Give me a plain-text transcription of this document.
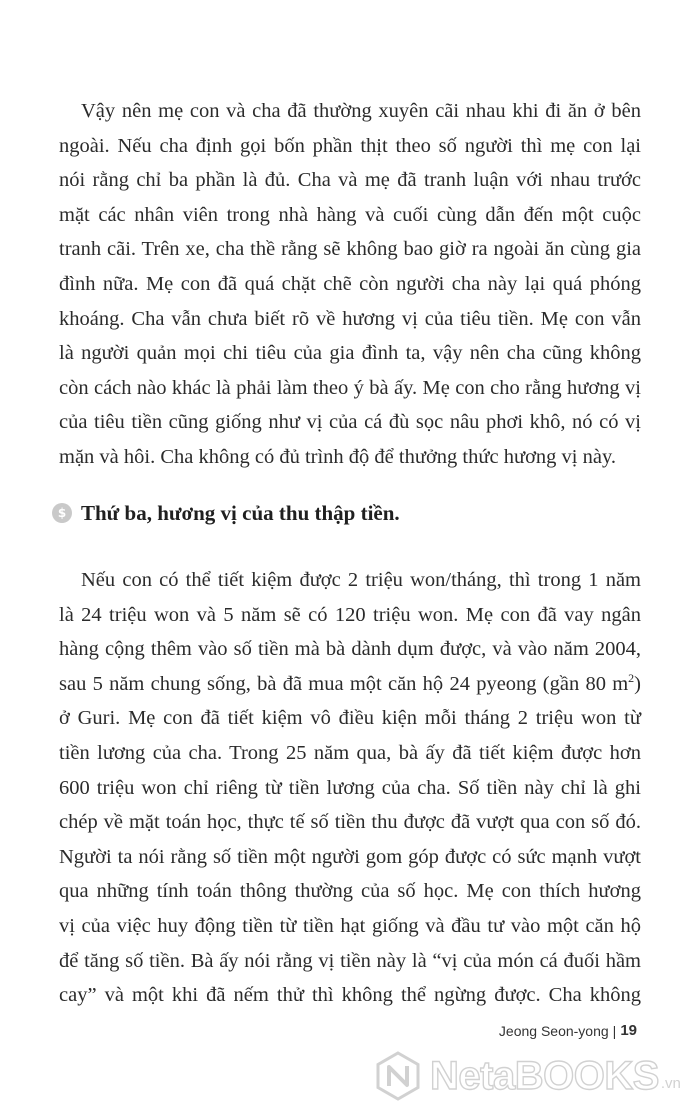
Vậy nên mẹ con và cha đã thường xuyên cãi nhau khi đi ăn ở bên
ngoài. Nếu cha định gọi bốn phần thịt theo số người thì mẹ con lại
nói rằng chỉ ba phần là đủ. Cha và mẹ đã tranh luận với nhau trước
mặt các nhân viên trong nhà hàng và cuối cùng dẫn đến một cuộc
tranh cãi. Trên xe, cha thề rằng sẽ không bao giờ ra ngoài ăn cùng gia
đình nữa. Mẹ con đã quá chặt chẽ còn người cha này lại quá phóng
khoáng. Cha vẫn chưa biết rõ về hương vị của tiêu tiền. Mẹ con vẫn
là người quản mọi chi tiêu của gia đình ta, vậy nên cha cũng không
còn cách nào khác là phải làm theo ý bà ấy. Mẹ con cho rằng hương vị
của tiêu tiền cũng giống như vị của cá đù sọc nâu phơi khô, nó có vị
mặn và hôi. Cha không có đủ trình độ để thưởng thức hương vị này.
$ Thứ ba, hương vị của thu thập tiền.
Nếu con có thể tiết kiệm được 2 triệu won/tháng, thì trong 1 năm
là 24 triệu won và 5 năm sẽ có 120 triệu won. Mẹ con đã vay ngân
hàng cộng thêm vào số tiền mà bà dành dụm được, và vào năm 2004,
sau 5 năm chung sống, bà đã mua một căn hộ 24 pyeong (gần 80 $m^2$)
ở Guri. Mẹ con đã tiết kiệm vô điều kiện mỗi tháng 2 triệu won từ
tiền lương của cha. Trong 25 năm qua, bà ấy đã tiết kiệm được hơn
600 triệu won chỉ riêng từ tiền lương của cha. Số tiền này chỉ là ghi
chép về mặt toán học, thực tế số tiền thu được đã vượt qua con số đó.
Người ta nói rằng số tiền một người gom góp được có sức mạnh vượt
qua những tính toán thông thường của số học. Mẹ con thích hương
vị của việc huy động tiền từ tiền hạt giống và đầu tư vào một căn hộ
để tăng số tiền. Bà ấy nói rằng vị tiền này là “vị của món cá đuối hầm
cay” và một khi đã nếm thử thì không thể ngừng được. Cha không
Jeong Seon-yong | 19
NetaBOOKS .vn
